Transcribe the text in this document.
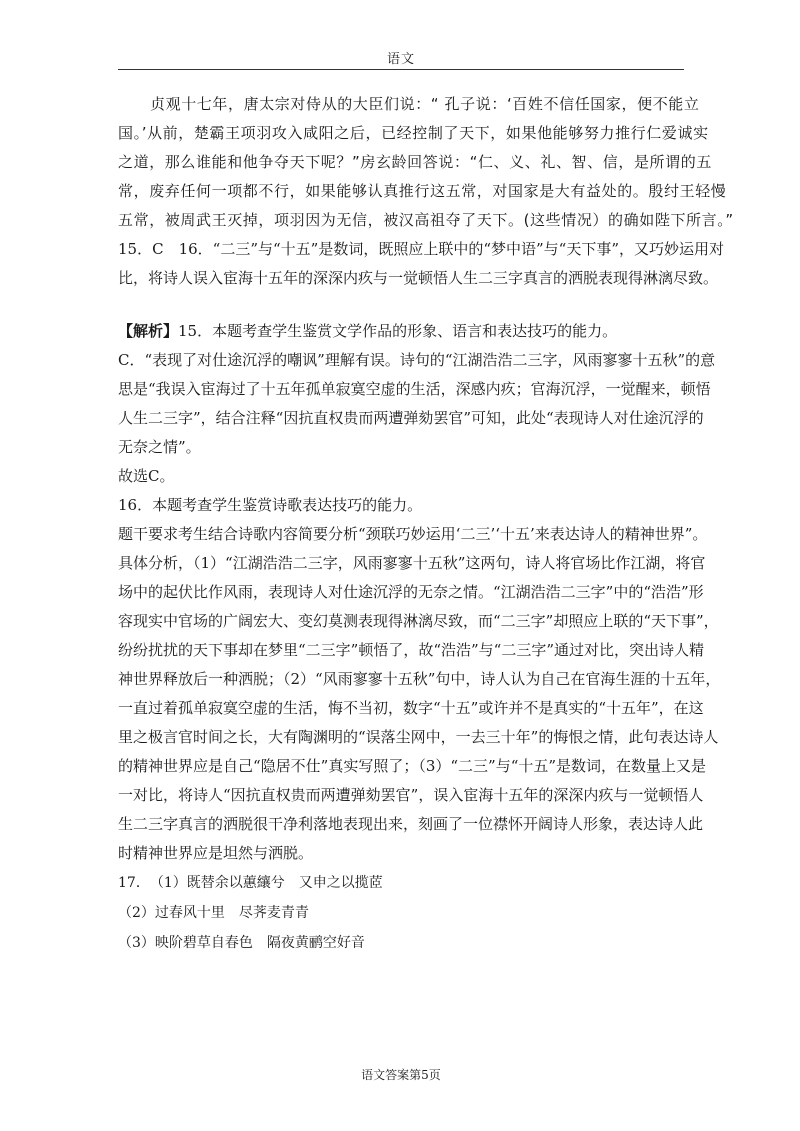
语文

贞观十七年，唐太宗对侍从的大臣们说：“ 孔子说：‘百姓不信任国家，便不能立

国。’从前，楚霸王项羽攻入咸阳之后，已经控制了天下，如果他能够努力推行仁爱诚实

之道，那么谁能和他争夺天下呢？”房玄龄回答说：“仁、义、礼、智、信，是所谓的五

常，废弃任何一项都不行，如果能够认真推行这五常，对国家是大有益处的。殷纣王轻慢

五常，被周武王灭掉，项羽因为无信，被汉高祖夺了天下。(这些情况）的确如陛下所言。”

15．C　16．“二三”与“十五”是数词，既照应上联中的“梦中语”与“天下事”，又巧妙运用对

比，将诗人误入宦海十五年的深深内疚与一觉顿悟人生二三字真言的洒脱表现得淋漓尽致。

【解析】15．本题考查学生鉴赏文学作品的形象、语言和表达技巧的能力。

C．“表现了对仕途沉浮的嘲讽”理解有误。诗句的“江湖浩浩二三字，风雨寥寥十五秋”的意

思是“我误入宦海过了十五年孤单寂寞空虚的生活，深感内疚；官海沉浮，一觉醒来，顿悟

人生二三字”，结合注释“因抗直权贵而两遭弹劾罢官”可知，此处“表现诗人对仕途沉浮的

无奈之情”。

故选C。

16．本题考查学生鉴赏诗歌表达技巧的能力。

题干要求考生结合诗歌内容简要分析“颈联巧妙运用‘二三’‘十五’来表达诗人的精神世界”。

具体分析，（1）“江湖浩浩二三字，风雨寥寥十五秋”这两句，诗人将官场比作江湖，将官

场中的起伏比作风雨，表现诗人对仕途沉浮的无奈之情。“江湖浩浩二三字”中的“浩浩”形

容现实中官场的广阔宏大、变幻莫测表现得淋漓尽致，而“二三字”却照应上联的“天下事”，

纷纷扰扰的天下事却在梦里“二三字”顿悟了，故“浩浩”与“二三字”通过对比，突出诗人精

神世界释放后一种洒脱；（2）“风雨寥寥十五秋”句中，诗人认为自己在官海生涯的十五年，

一直过着孤单寂寞空虚的生活，悔不当初，数字“十五”或许并不是真实的“十五年”，在这

里之极言官时间之长，大有陶渊明的“误落尘网中，一去三十年”的悔恨之情，此句表达诗人

的精神世界应是自己“隐居不仕”真实写照了；（3）“二三”与“十五”是数词，在数量上又是

一对比，将诗人“因抗直权贵而两遭弹劾罢官”，误入宦海十五年的深深内疚与一觉顿悟人

生二三字真言的洒脱很干净利落地表现出来，刻画了一位襟怀开阔诗人形象，表达诗人此

时精神世界应是坦然与洒脱。

17．　（1）既替余以蕙纕兮　又申之以揽茝

（2）过春风十里　尽荠麦青青

（3）映阶碧草自春色　隔夜黄鹂空好音

语文答案第5页
